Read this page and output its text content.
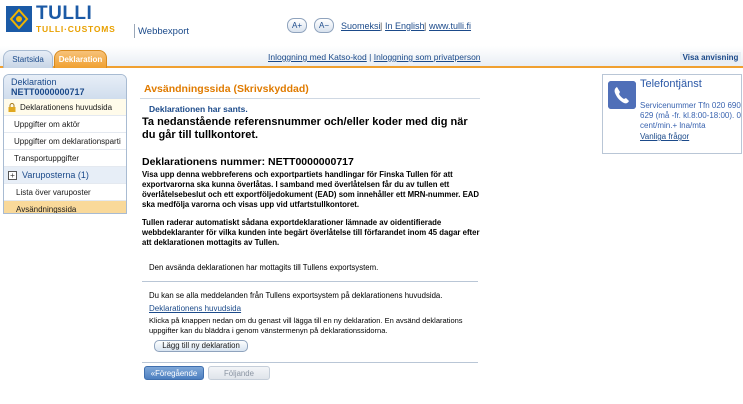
TULLI
TULLI·CUSTOMS Webbexport
A+	A−	Suomeksi | In English | www.tulli.fi
Startsida	Deklaration	Inloggning med Katso-kod | Inloggning som privatperson	Visa anvisning
Deklaration
NETT0000000717
Deklarationens huvudsida
Uppgifter om aktör
Uppgifter om deklarationsparti
Transportuppgifter
+ Varuposterna (1)
Lista över varuposter
Avsändningssida
Avsändningssida (Skrivskyddad)
Deklarationen har sants.
Ta nedanstående referensnummer och/eller koder med dig när du går till tullkontoret.
Deklarationens nummer: NETT0000000717
Visa upp denna webbreferens och exportpartiets handlingar för Finska Tullen för att exportvarorna ska kunna överlåtas. I samband med överlåtelsen får du av tullen ett överlåtelsebeslut och ett exportföljedokument (EAD) som innehåller ett MRN-nummer. EAD ska medfölja varorna och visas upp vid utfartstullkontoret.
Tullen raderar automatiskt sådana exportdeklarationer lämnade av oidentifierade webbdeklaranter för vilka kunden inte begärt överlåtelse till förfarandet inom 45 dagar efter att deklarationen mottagits av Tullen.
Den avsända deklarationen har mottagits till Tullens exportsystem.
Du kan se alla meddelanden från Tullens exportsystem på deklarationens huvudsida.
Deklarationens huvudsida
Klicka på knappen nedan om du genast vill lägga till en ny deklaration. En avsänd deklarations uppgifter kan du bläddra i genom vänstermenyn på deklarationssidorna.
Lägg till ny deklaration
«Föregående	Följande
Telefontjänst
Servicenummer Tfn 020 690 629 (må -fr. kl.8:00-18:00). 0 cent/min.+ lna/mta
Vanliga frågor
